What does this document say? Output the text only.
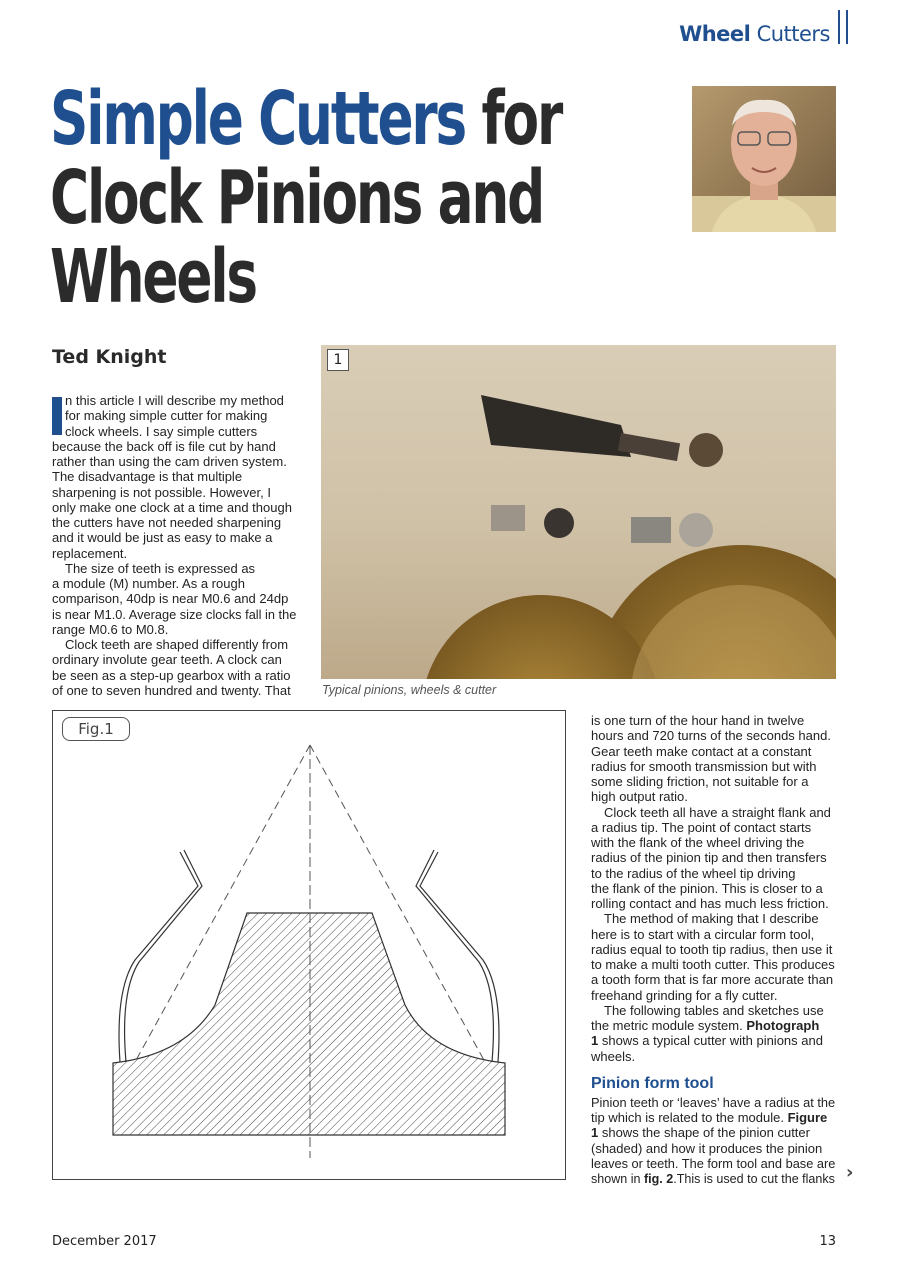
Wheel Cutters
Simple Cutters for
Clock Pinions and
Wheels
Ted Knight
n this article I will describe my method
for making simple cutter for making
clock wheels. I say simple cutters
because the back off is file cut by hand
rather than using the cam driven system.
The disadvantage is that multiple
sharpening is not possible. However, I
only make one clock at a time and though
the cutters have not needed sharpening
and it would be just as easy to make a
replacement.
The size of teeth is expressed as
a module (M) number. As a rough
comparison, 40dp is near M0.6 and 24dp
is near M1.0. Average size clocks fall in the
range M0.6 to M0.8.
Clock teeth are shaped differently from
ordinary involute gear teeth. A clock can
be seen as a step-up gearbox with a ratio
of one to seven hundred and twenty. That
1
Typical pinions, wheels & cutter
Fig.1	is one turn of the hour hand in twelve
hours and 720 turns of the seconds hand.
Gear teeth make contact at a constant
radius for smooth transmission but with
some sliding friction, not suitable for a
high output ratio.
Clock teeth all have a straight flank and
a radius tip. The point of contact starts
with the flank of the wheel driving the
radius of the pinion tip and then transfers
to the radius of the wheel tip driving
the flank of the pinion. This is closer to a
rolling contact and has much less friction.
The method of making that I describe
here is to start with a circular form tool,
radius equal to tooth tip radius, then use it
to make a multi tooth cutter. This produces
a tooth form that is far more accurate than
freehand grinding for a fly cutter.
The following tables and sketches use
the metric module system. Photograph
1 shows a typical cutter with pinions and
wheels.
Pinion form tool
Pinion teeth or ‘leaves’ have a radius at the
tip which is related to the module. Figure
1 shows the shape of the pinion cutter
(shaded) and how it produces the pinion
leaves or teeth. The form tool and base are
shown in fig. 2.This is used to cut the flanks ›
December 2017	13
